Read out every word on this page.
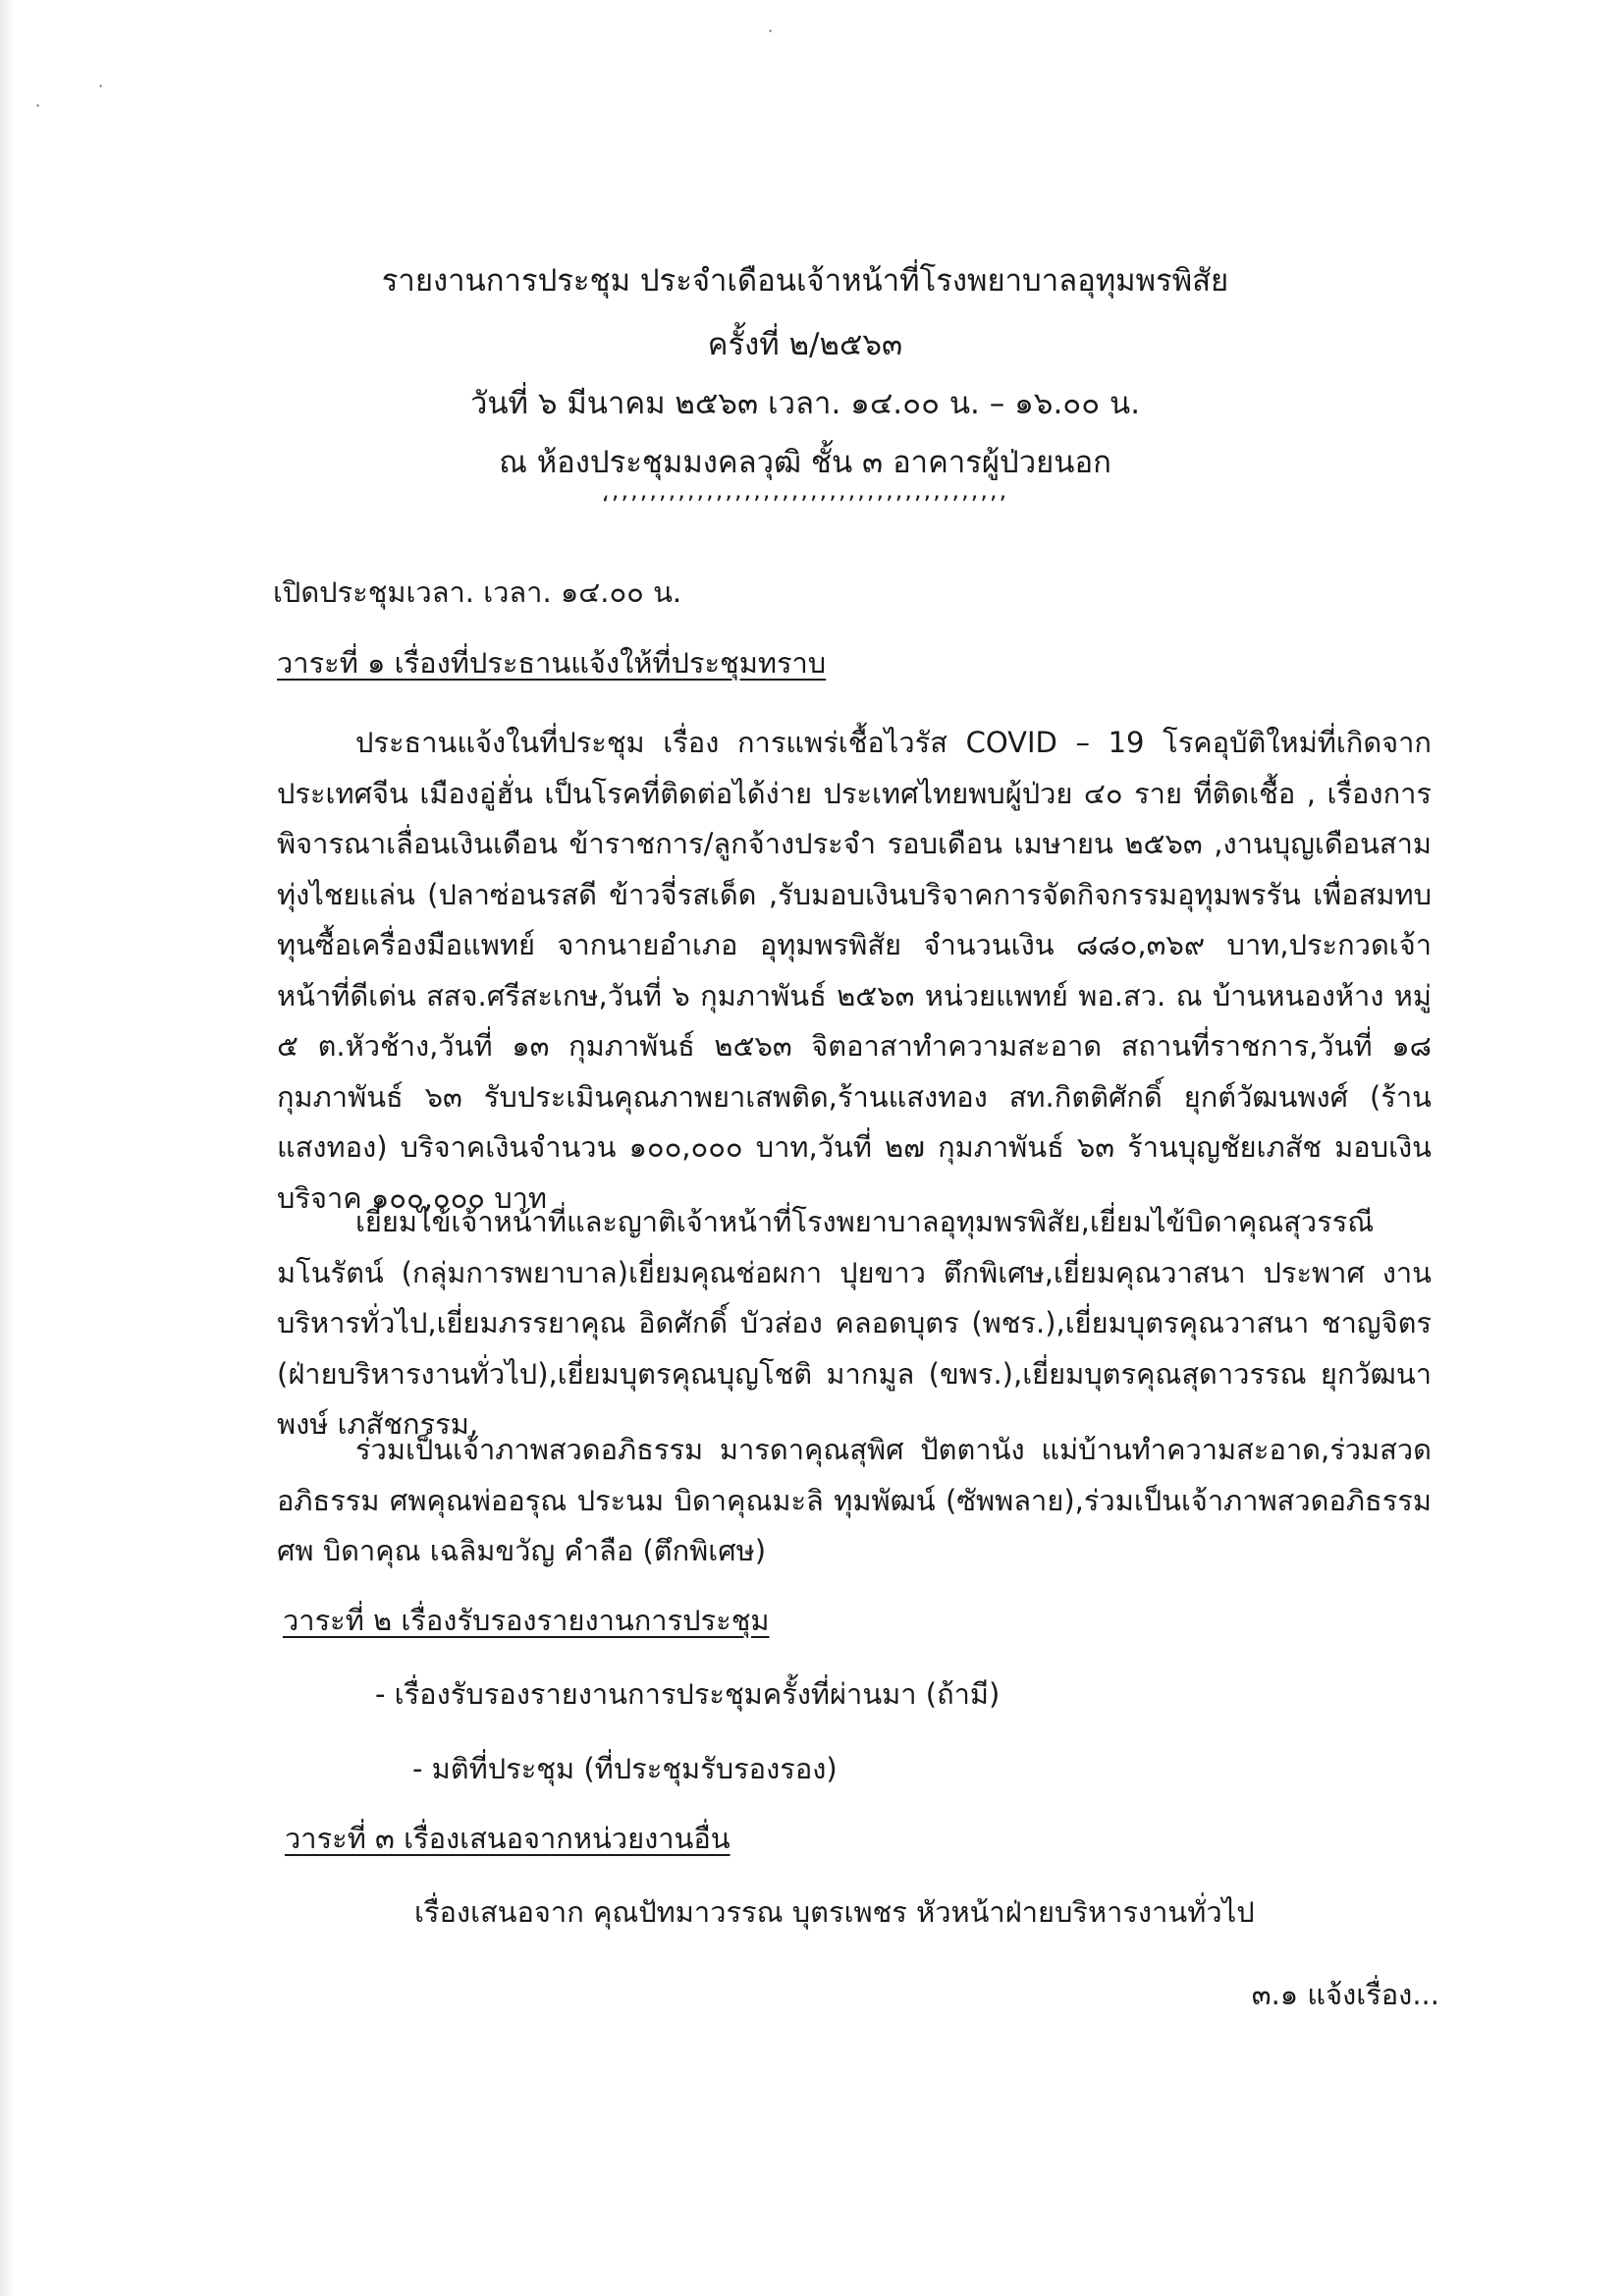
·
·
·
รายงานการประชุม ประจำเดือนเจ้าหน้าที่โรงพยาบาลอุทุมพรพิสัย
ครั้งที่ ๒/๒๕๖๓
วันที่ ๖ มีนาคม ๒๕๖๓ เวลา. ๑๔.๐๐ น. – ๑๖.๐๐ น.
ณ ห้องประชุมมงคลวุฒิ ชั้น ๓ อาคารผู้ป่วยนอก
‘’’’’’’’’’’’’’’’’’’’’’’’’’’’’’’’’’’’’’’’’’’
เปิดประชุมเวลา. เวลา. ๑๔.๐๐ น.
วาระที่ ๑ เรื่องที่ประธานแจ้งให้ที่ประชุมทราบ

ประธานแจ้งในที่ประชุม เรื่อง การแพร่เชื้อไวรัส COVID – 19 โรคอุบัติใหม่ที่เกิดจากประเทศจีน เมืองอู่ฮั่น เป็นโรคที่ติดต่อได้ง่าย ประเทศไทยพบผู้ป่วย ๔๐ ราย ที่ติดเชื้อ , เรื่องการพิจารณาเลื่อนเงินเดือน ข้าราชการ/ลูกจ้างประจำ รอบเดือน เมษายน ๒๕๖๓ ,งานบุญเดือนสามทุ่งไชยแล่น (ปลาซ่อนรสดี ข้าวจี่รสเด็ด ,รับมอบเงินบริจาคการจัดกิจกรรมอุทุมพรรัน เพื่อสมทบทุนซื้อเครื่องมือแพทย์ จากนายอำเภอ อุทุมพรพิสัย จำนวนเงิน ๘๘๐,๓๖๙ บาท,ประกวดเจ้าหน้าที่ดีเด่น สสจ.ศรีสะเกษ,วันที่ ๖ กุมภาพันธ์ ๒๕๖๓ หน่วยแพทย์ พอ.สว. ณ บ้านหนองห้าง หมู่ ๕ ต.หัวช้าง,วันที่ ๑๓ กุมภาพันธ์ ๒๕๖๓ จิตอาสาทำความสะอาด สถานที่ราชการ,วันที่ ๑๘ กุมภาพันธ์ ๖๓ รับประเมินคุณภาพยาเสพติด,ร้านแสงทอง สท.กิตติศักดิ์ ยุกต์วัฒนพงศ์ (ร้านแสงทอง) บริจาคเงินจำนวน ๑๐๐,๐๐๐ บาท,วันที่ ๒๗ กุมภาพันธ์ ๖๓ ร้านบุญชัยเภสัช มอบเงินบริจาค ๑๐๐,๐๐๐ บาท

เยี่ยมไข้เจ้าหน้าที่และญาติเจ้าหน้าที่โรงพยาบาลอุทุมพรพิสัย,เยี่ยมไข้บิดาคุณสุวรรณี มโนรัตน์ (กลุ่มการพยาบาล)เยี่ยมคุณช่อผกา ปุยขาว ตึกพิเศษ,เยี่ยมคุณวาสนา ประพาศ งานบริหารทั่วไป,เยี่ยมภรรยาคุณ อิดศักดิ์ บัวส่อง คลอดบุตร (พชร.),เยี่ยมบุตรคุณวาสนา ชาญจิตร (ฝ่ายบริหารงานทั่วไป),เยี่ยมบุตรคุณบุญโชติ มากมูล (ขพร.),เยี่ยมบุตรคุณสุดาวรรณ ยุกวัฒนาพงษ์ เภสัชกรรม,

ร่วมเป็นเจ้าภาพสวดอภิธรรม มารดาคุณสุพิศ ปัตตานัง แม่บ้านทำความสะอาด,ร่วมสวดอภิธรรม ศพคุณพ่ออรุณ ประนม บิดาคุณมะลิ ทุมพัฒน์ (ซัพพลาย),ร่วมเป็นเจ้าภาพสวดอภิธรรมศพ บิดาคุณ เฉลิมขวัญ คำลือ (ตึกพิเศษ)

วาระที่ ๒ เรื่องรับรองรายงานการประชุม
- เรื่องรับรองรายงานการประชุมครั้งที่ผ่านมา (ถ้ามี)
- มติที่ประชุม (ที่ประชุมรับรองรอง)
วาระที่ ๓ เรื่องเสนอจากหน่วยงานอื่น
เรื่องเสนอจาก คุณปัทมาวรรณ บุตรเพชร หัวหน้าฝ่ายบริหารงานทั่วไป
๓.๑ แจ้งเรื่อง...
